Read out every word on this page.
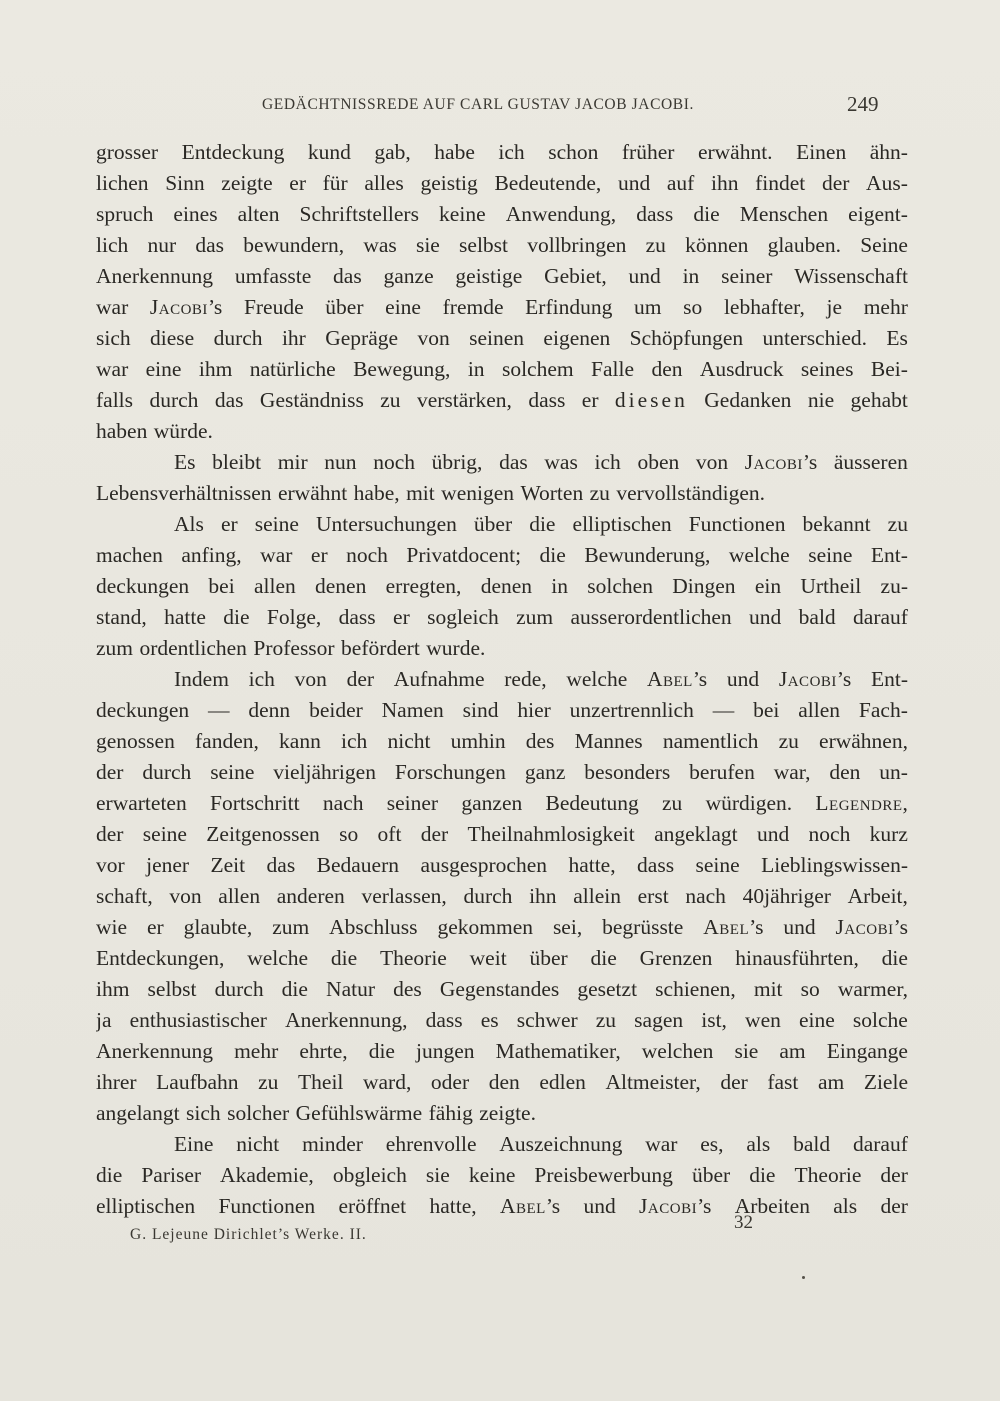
GEDÄCHTNISSREDE AUF CARL GUSTAV JACOB JACOBI.	249
grosser Entdeckung kund gab, habe ich schon früher erwähnt. Einen ähn-
lichen Sinn zeigte er für alles geistig Bedeutende, und auf ihn findet der Aus-
spruch eines alten Schriftstellers keine Anwendung, dass die Menschen eigent-
lich nur das bewundern, was sie selbst vollbringen zu können glauben. Seine
Anerkennung umfasste das ganze geistige Gebiet, und in seiner Wissenschaft
war Jacobi’s Freude über eine fremde Erfindung um so lebhafter, je mehr
sich diese durch ihr Gepräge von seinen eigenen Schöpfungen unterschied. Es
war eine ihm natürliche Bewegung, in solchem Falle den Ausdruck seines Bei-
falls durch das Geständniss zu verstärken, dass er diesen Gedanken nie gehabt
haben würde.
Es bleibt mir nun noch übrig, das was ich oben von Jacobi’s äusseren
Lebensverhältnissen erwähnt habe, mit wenigen Worten zu vervollständigen.
Als er seine Untersuchungen über die elliptischen Functionen bekannt zu
machen anfing, war er noch Privatdocent; die Bewunderung, welche seine Ent-
deckungen bei allen denen erregten, denen in solchen Dingen ein Urtheil zu-
stand, hatte die Folge, dass er sogleich zum ausserordentlichen und bald darauf
zum ordentlichen Professor befördert wurde.
Indem ich von der Aufnahme rede, welche Abel’s und Jacobi’s Ent-
deckungen — denn beider Namen sind hier unzertrennlich — bei allen Fach-
genossen fanden, kann ich nicht umhin des Mannes namentlich zu erwähnen,
der durch seine vieljährigen Forschungen ganz besonders berufen war, den un-
erwarteten Fortschritt nach seiner ganzen Bedeutung zu würdigen. Legendre,
der seine Zeitgenossen so oft der Theilnahmlosigkeit angeklagt und noch kurz
vor jener Zeit das Bedauern ausgesprochen hatte, dass seine Lieblingswissen-
schaft, von allen anderen verlassen, durch ihn allein erst nach 40jähriger Arbeit,
wie er glaubte, zum Abschluss gekommen sei, begrüsste Abel’s und Jacobi’s
Entdeckungen, welche die Theorie weit über die Grenzen hinausführten, die
ihm selbst durch die Natur des Gegenstandes gesetzt schienen, mit so warmer,
ja enthusiastischer Anerkennung, dass es schwer zu sagen ist, wen eine solche
Anerkennung mehr ehrte, die jungen Mathematiker, welchen sie am Eingange
ihrer Laufbahn zu Theil ward, oder den edlen Altmeister, der fast am Ziele
angelangt sich solcher Gefühlswärme fähig zeigte.
Eine nicht minder ehrenvolle Auszeichnung war es, als bald darauf
die Pariser Akademie, obgleich sie keine Preisbewerbung über die Theorie der
elliptischen Functionen eröffnet hatte, Abel’s und Jacobi’s Arbeiten als der
G. Lejeune Dirichlet’s Werke. II.
32
